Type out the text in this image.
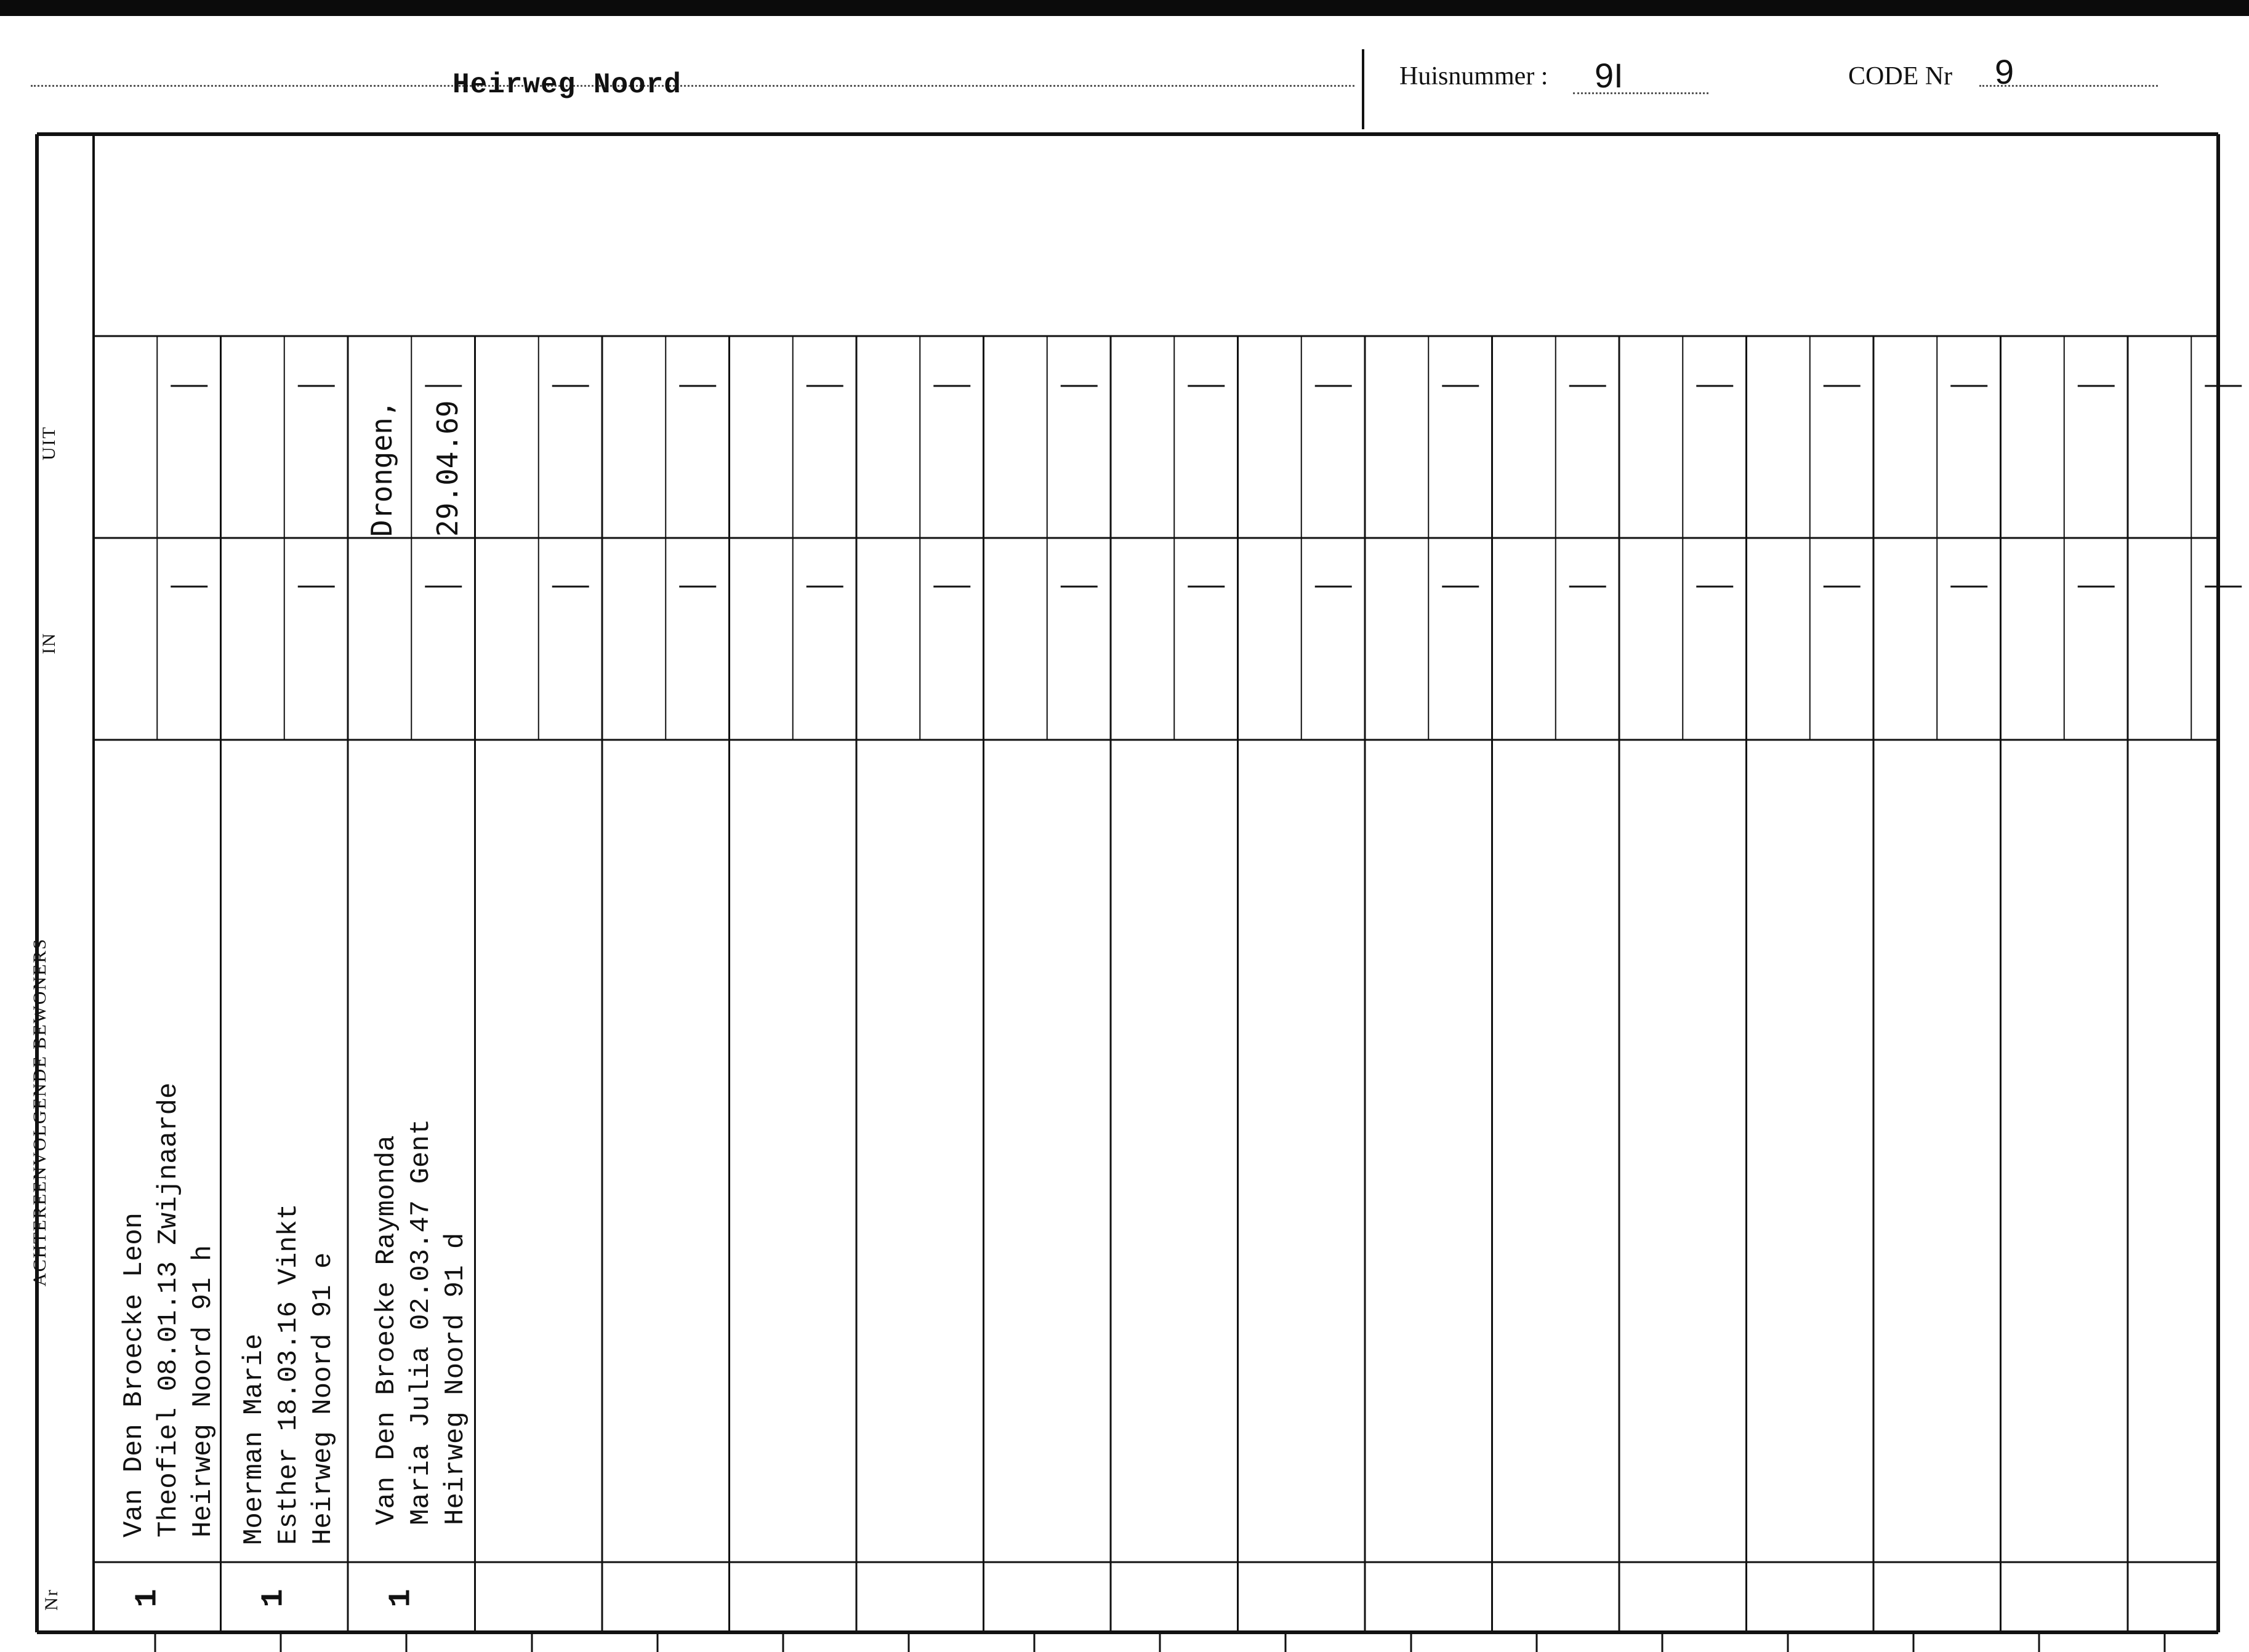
Heirweg Noord	Huisnummer : 9I	CODE Nr 9
UIT
IN
ACHTEREENVOLGENDE BEWONERS
Nr
Van Den Broecke Leon Theofiel 08.01.13 Zwijnaarde Heirweg Noord 91 h
1
Moerman Marie Esther 18.03.16 Vinkt Heirweg Noord 91 e
1
Van Den Broecke Raymonda Maria Julia 02.03.47 Gent Heirweg Noord 91 d
1
Drongen, 29.04.69
